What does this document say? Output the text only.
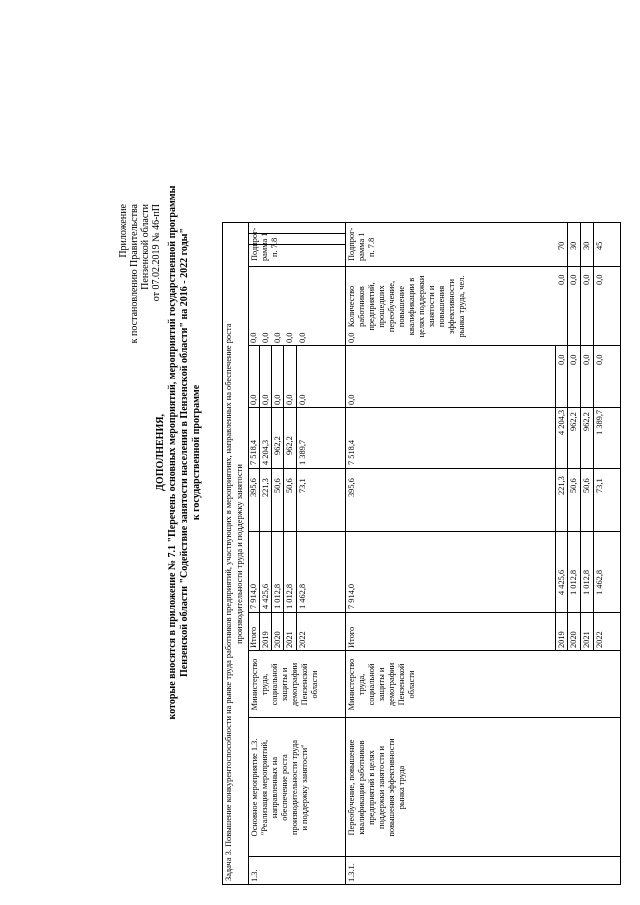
Приложение к постановлению Правительства Пензенской области от 07.02.2019 № 46-пП
ДОПОЛНЕНИЯ, которые вносятся в приложение № 7.1 "Перечень основных мероприятий, мероприятий государственной программы Пензенской области "Содействие занятости населения в Пензенской области" на 2016 - 2022 годы" к государственной программе	Задача 3. Повышение конкурентоспособности на рынке труда работников предприятий, участвующих в мероприятиях, направленных на обеспечение роста производительности труда и поддержку занятости
1.3.
Основное мероприятие 1.3. "Реализация мероприятий, направленных на обеспечение роста производительности труда и поддержку занятости"
Министерство труда, социальной защиты и демографии Пензенской области
Итого
7 914,0
395,6
7 518,4
0,0
0,0
2019
4 425,6
221,3
4 204,3
0,0
0,0
2020
1 012,8
50,6
962,2
0,0
0,0
2021
1 012,8
50,6
962,2
0,0
0,0
2022
1 462,8
73,1
1 389,7
0,0
0,0
Подпрог- рамма 1 п. 7.8
1.3.1.
Переобучение, повышение квалификации работников предприятий в целях поддержки занятости и повышения эффективности рынка труда
Министерство труда, социальной защиты и демографии Пензенской области
Итого
7 914,0
395,6
7 518,4
0,0
0,0
Количество работников предприятий, прошедших переобучение, повышение квалификации в целях поддержки занятости и повышения эффективности рынка труда, чел.
Подпрог- рамма 1 п. 7.8
2019
4 425,6
221,3
4 204,3
0,0
0,0
70
2020
1 012,8
50,6
962,2
0,0
0,0
30
2021
1 012,8
50,6
962,2
0,0
0,0
30
2022
1 462,8
73,1
1 389,7
0,0
0,0
45
